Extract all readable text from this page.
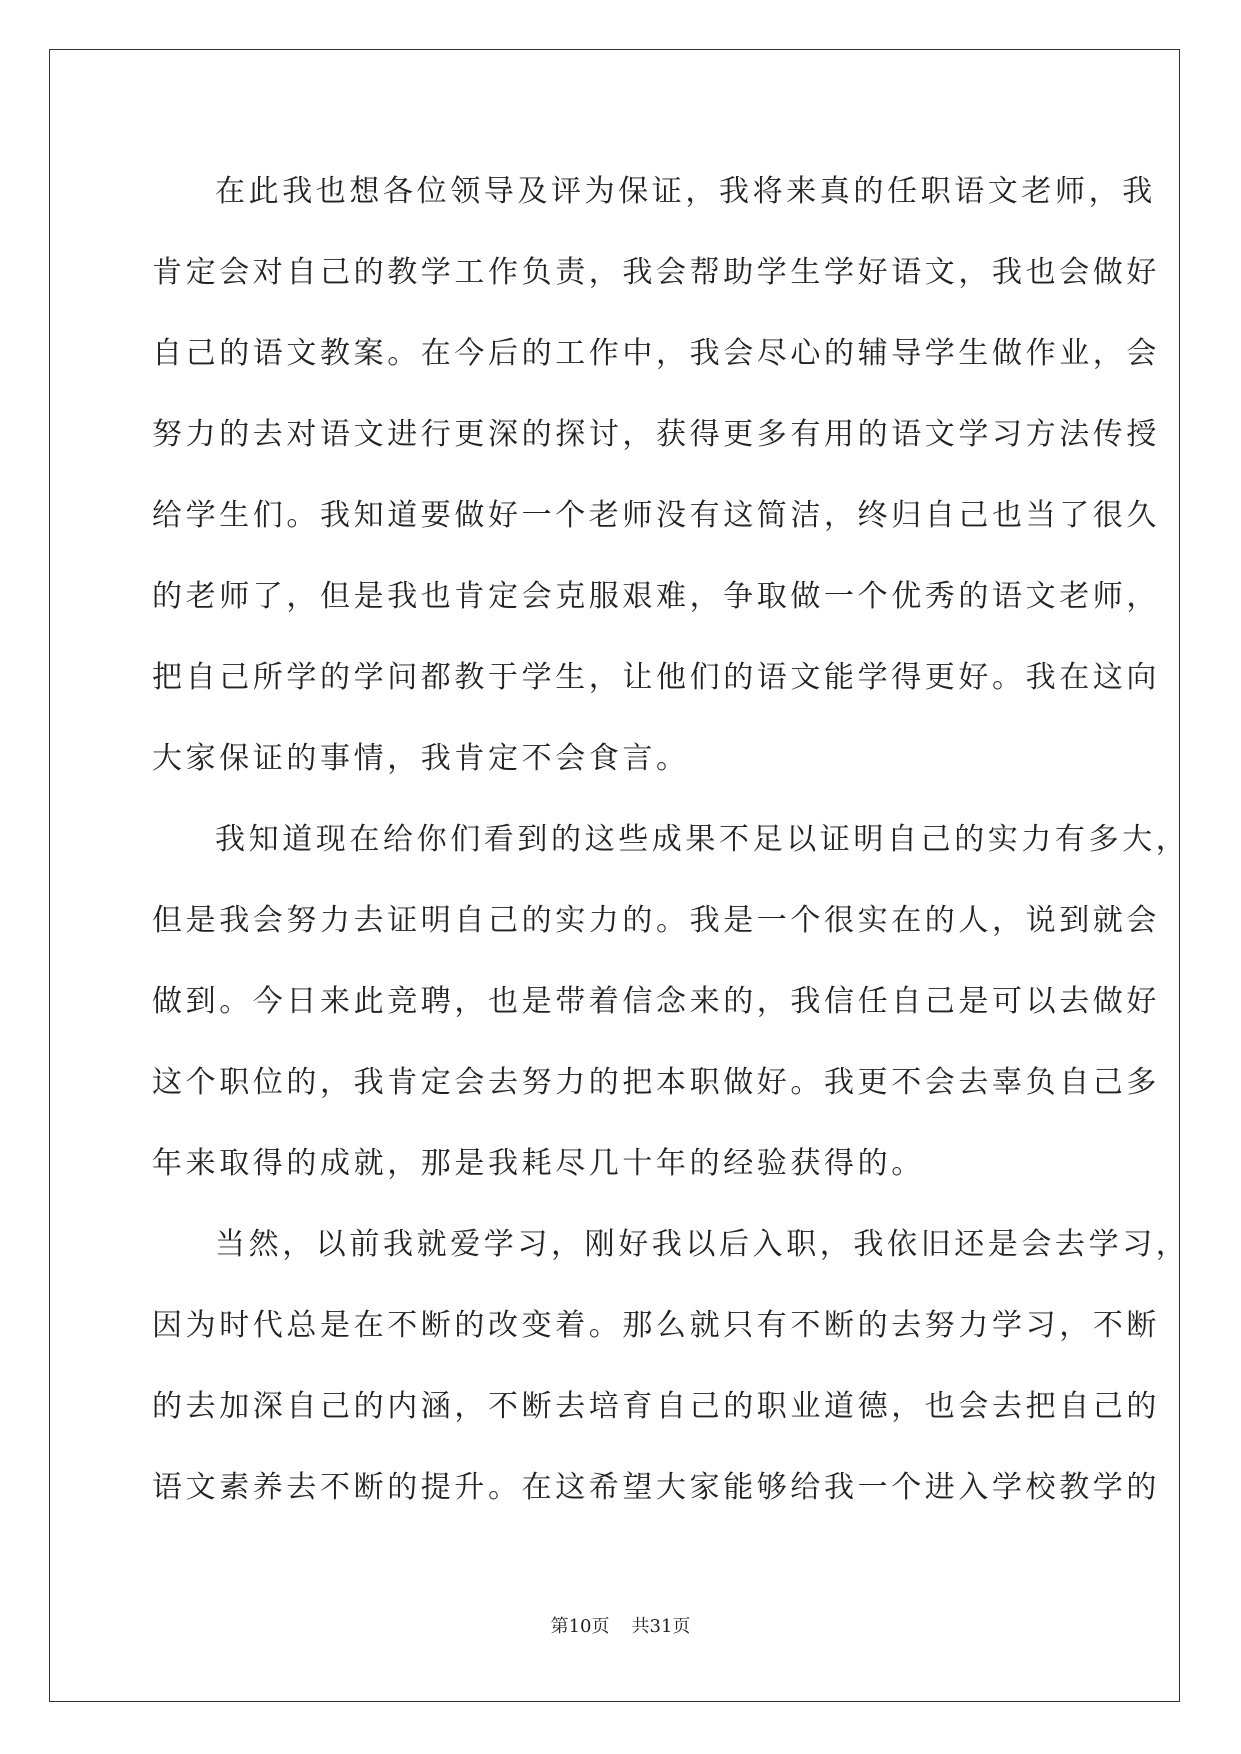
在此我也想各位领导及评为保证，我将来真的任职语文老师，我

肯定会对自己的教学工作负责，我会帮助学生学好语文，我也会做好

自己的语文教案。在今后的工作中，我会尽心的辅导学生做作业，会

努力的去对语文进行更深的探讨，获得更多有用的语文学习方法传授

给学生们。我知道要做好一个老师没有这简洁，终归自己也当了很久

的老师了，但是我也肯定会克服艰难，争取做一个优秀的语文老师，

把自己所学的学问都教于学生，让他们的语文能学得更好。我在这向

大家保证的事情，我肯定不会食言。

我知道现在给你们看到的这些成果不足以证明自己的实力有多大，

但是我会努力去证明自己的实力的。我是一个很实在的人，说到就会

做到。今日来此竞聘，也是带着信念来的，我信任自己是可以去做好

这个职位的，我肯定会去努力的把本职做好。我更不会去辜负自己多

年来取得的成就，那是我耗尽几十年的经验获得的。

当然，以前我就爱学习，刚好我以后入职，我依旧还是会去学习，

因为时代总是在不断的改变着。那么就只有不断的去努力学习，不断

的去加深自己的内涵，不断去培育自己的职业道德，也会去把自己的

语文素养去不断的提升。在这希望大家能够给我一个进入学校教学的

第10页 共31页
